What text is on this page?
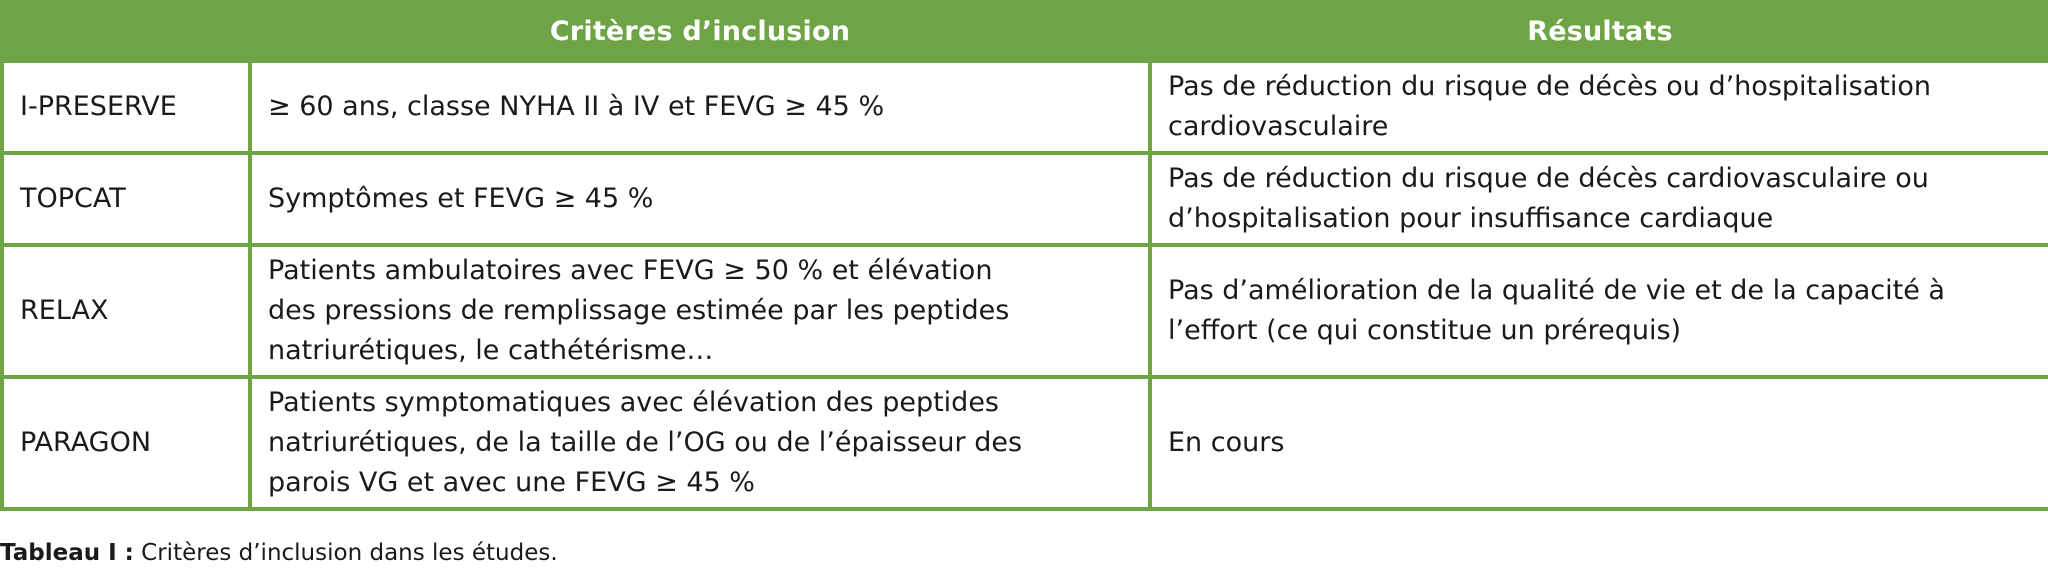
	Critères d’inclusion	Résultats
I-PRESERVE	≥ 60 ans, classe NYHA II à IV et FEVG ≥ 45 %	Pas de réduction du risque de décès ou d’hospitalisation
cardiovasculaire
TOPCAT	Symptômes et FEVG ≥ 45 %	Pas de réduction du risque de décès cardiovasculaire ou
d’hospitalisation pour insuffisance cardiaque
RELAX	Patients ambulatoires avec FEVG ≥ 50 % et élévation
des pressions de remplissage estimée par les peptides
natriurétiques, le cathétérisme…	Pas d’amélioration de la qualité de vie et de la capacité à
l’effort (ce qui constitue un prérequis)
PARAGON	Patients symptomatiques avec élévation des peptides
natriurétiques, de la taille de l’OG ou de l’épaisseur des
parois VG et avec une FEVG ≥ 45 %	En cours
Tableau I : Critères d’inclusion dans les études.
